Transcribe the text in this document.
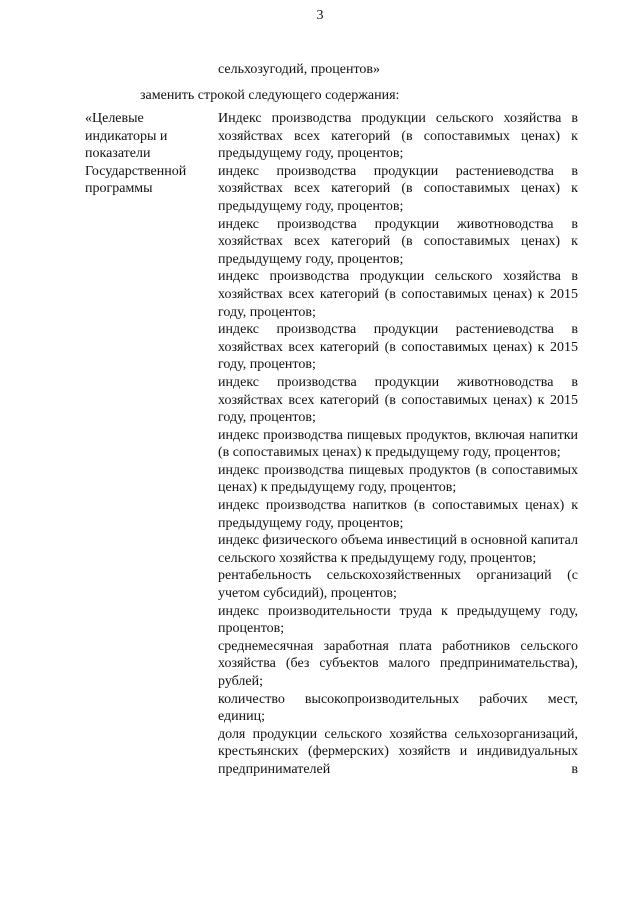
3
сельхозугодий, процентов»
заменить строкой следующего содержания:
«Целевые
индикаторы и
показатели
Государственной
программы

Индекс производства продукции сельского хозяйства в хозяйствах всех категорий (в сопоставимых ценах) к предыдущему году, процентов;

индекс производства продукции растениеводства в хозяйствах всех категорий (в сопоставимых ценах) к предыдущему году, процентов;

индекс производства продукции животноводства в хозяйствах всех категорий (в сопоставимых ценах) к предыдущему году, процентов;

индекс производства продукции сельского хозяйства в хозяйствах всех категорий (в сопоставимых ценах) к 2015 году, процентов;

индекс производства продукции растениеводства в хозяйствах всех категорий (в сопоставимых ценах) к 2015 году, процентов;

индекс производства продукции животноводства в хозяйствах всех категорий (в сопоставимых ценах) к 2015 году, процентов;

индекс производства пищевых продуктов, включая напитки (в сопоставимых ценах) к предыдущему году, процентов;

индекс производства пищевых продуктов (в сопоставимых ценах) к предыдущему году, процентов;

индекс производства напитков (в сопоставимых ценах) к предыдущему году, процентов;

индекс физического объема инвестиций в основной капитал сельского хозяйства к предыдущему году, процентов;

рентабельность сельскохозяйственных организаций (с учетом субсидий), процентов;

индекс производительности труда к предыдущему году, процентов;

среднемесячная заработная плата работников сельского хозяйства (без субъектов малого предпринимательства), рублей;

количество высокопроизводительных рабочих мест, единиц;

доля продукции сельского хозяйства сельхозорганизаций, крестьянских (фермерских) хозяйств и индивидуальных предпринимателей в
